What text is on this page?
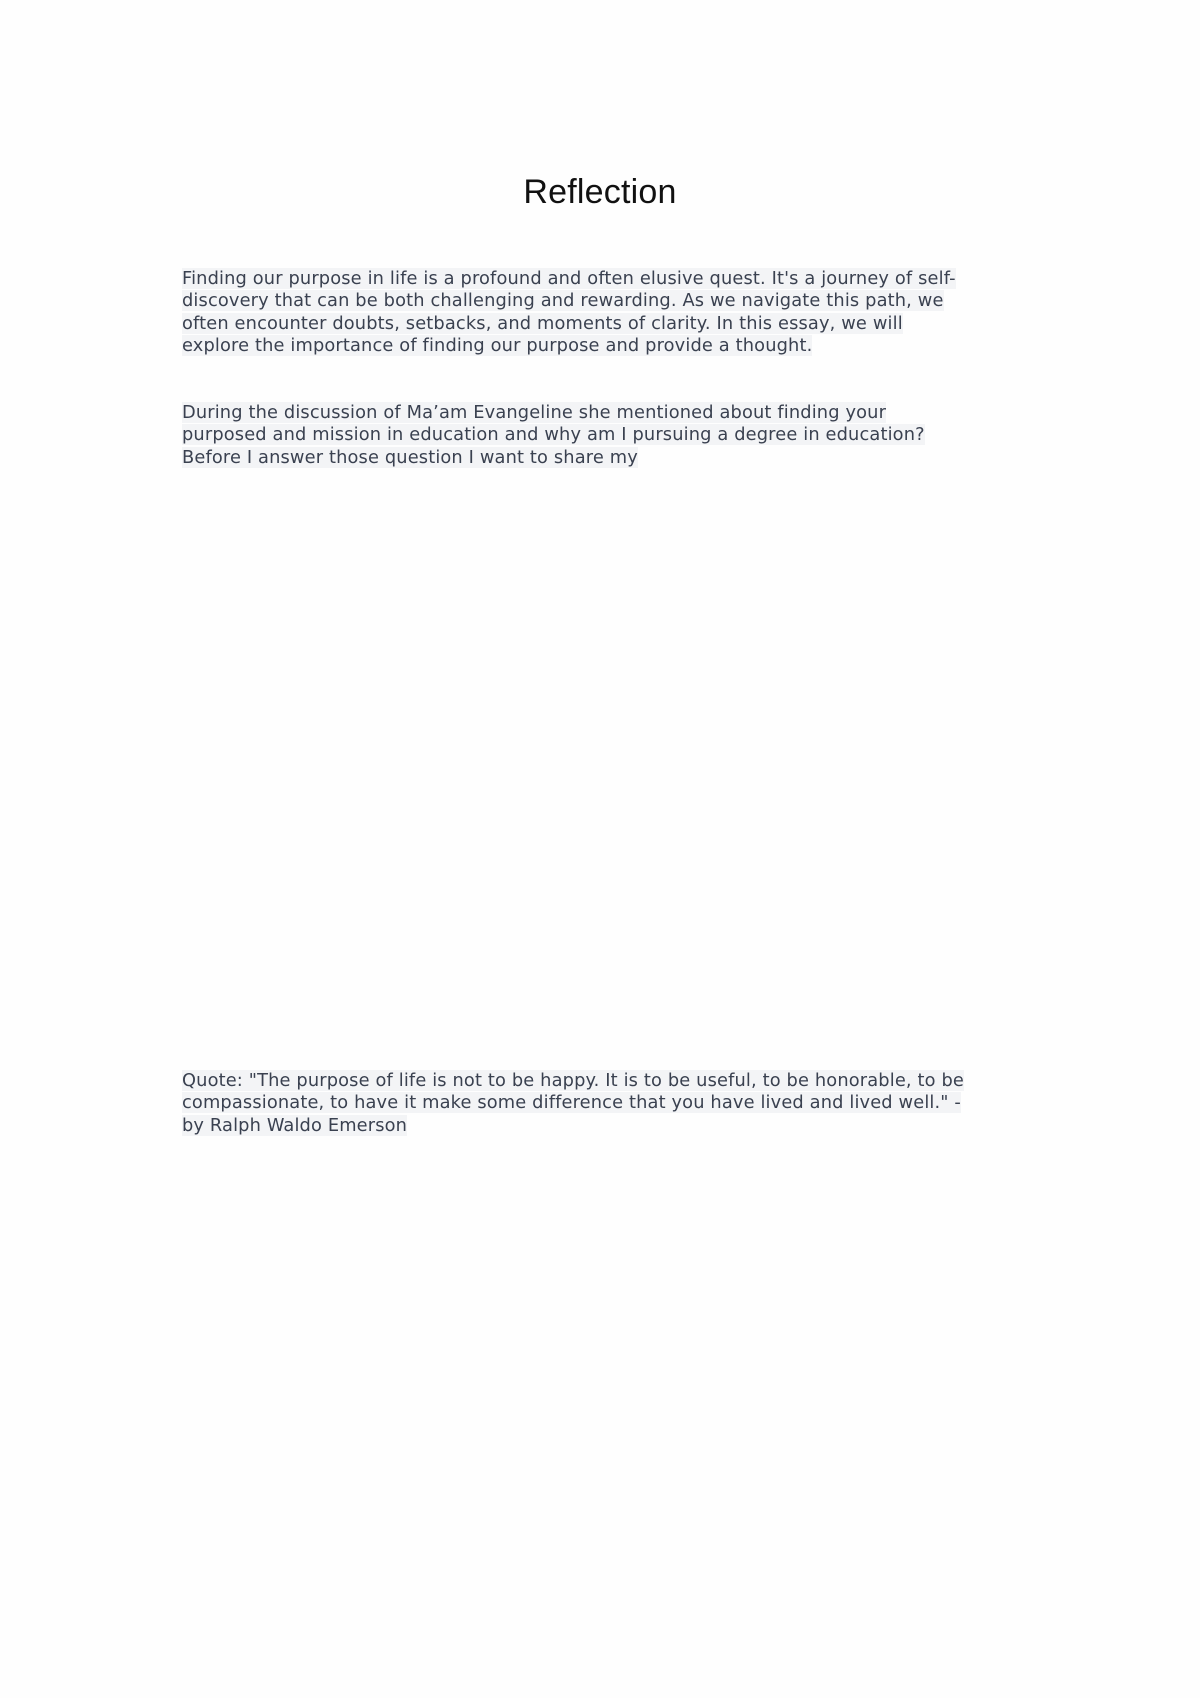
Reflection
Finding our purpose in life is a profound and often elusive quest. It's a journey of self-
discovery that can be both challenging and rewarding. As we navigate this path, we
often encounter doubts, setbacks, and moments of clarity. In this essay, we will
explore the importance of finding our purpose and provide a thought.
During the discussion of Ma’am Evangeline she mentioned about finding your
purposed and mission in education and why am I pursuing a degree in education?
Before I answer those question I want to share my
Quote: "The purpose of life is not to be happy. It is to be useful, to be honorable, to be
compassionate, to have it make some difference that you have lived and lived well." -
by Ralph Waldo Emerson
